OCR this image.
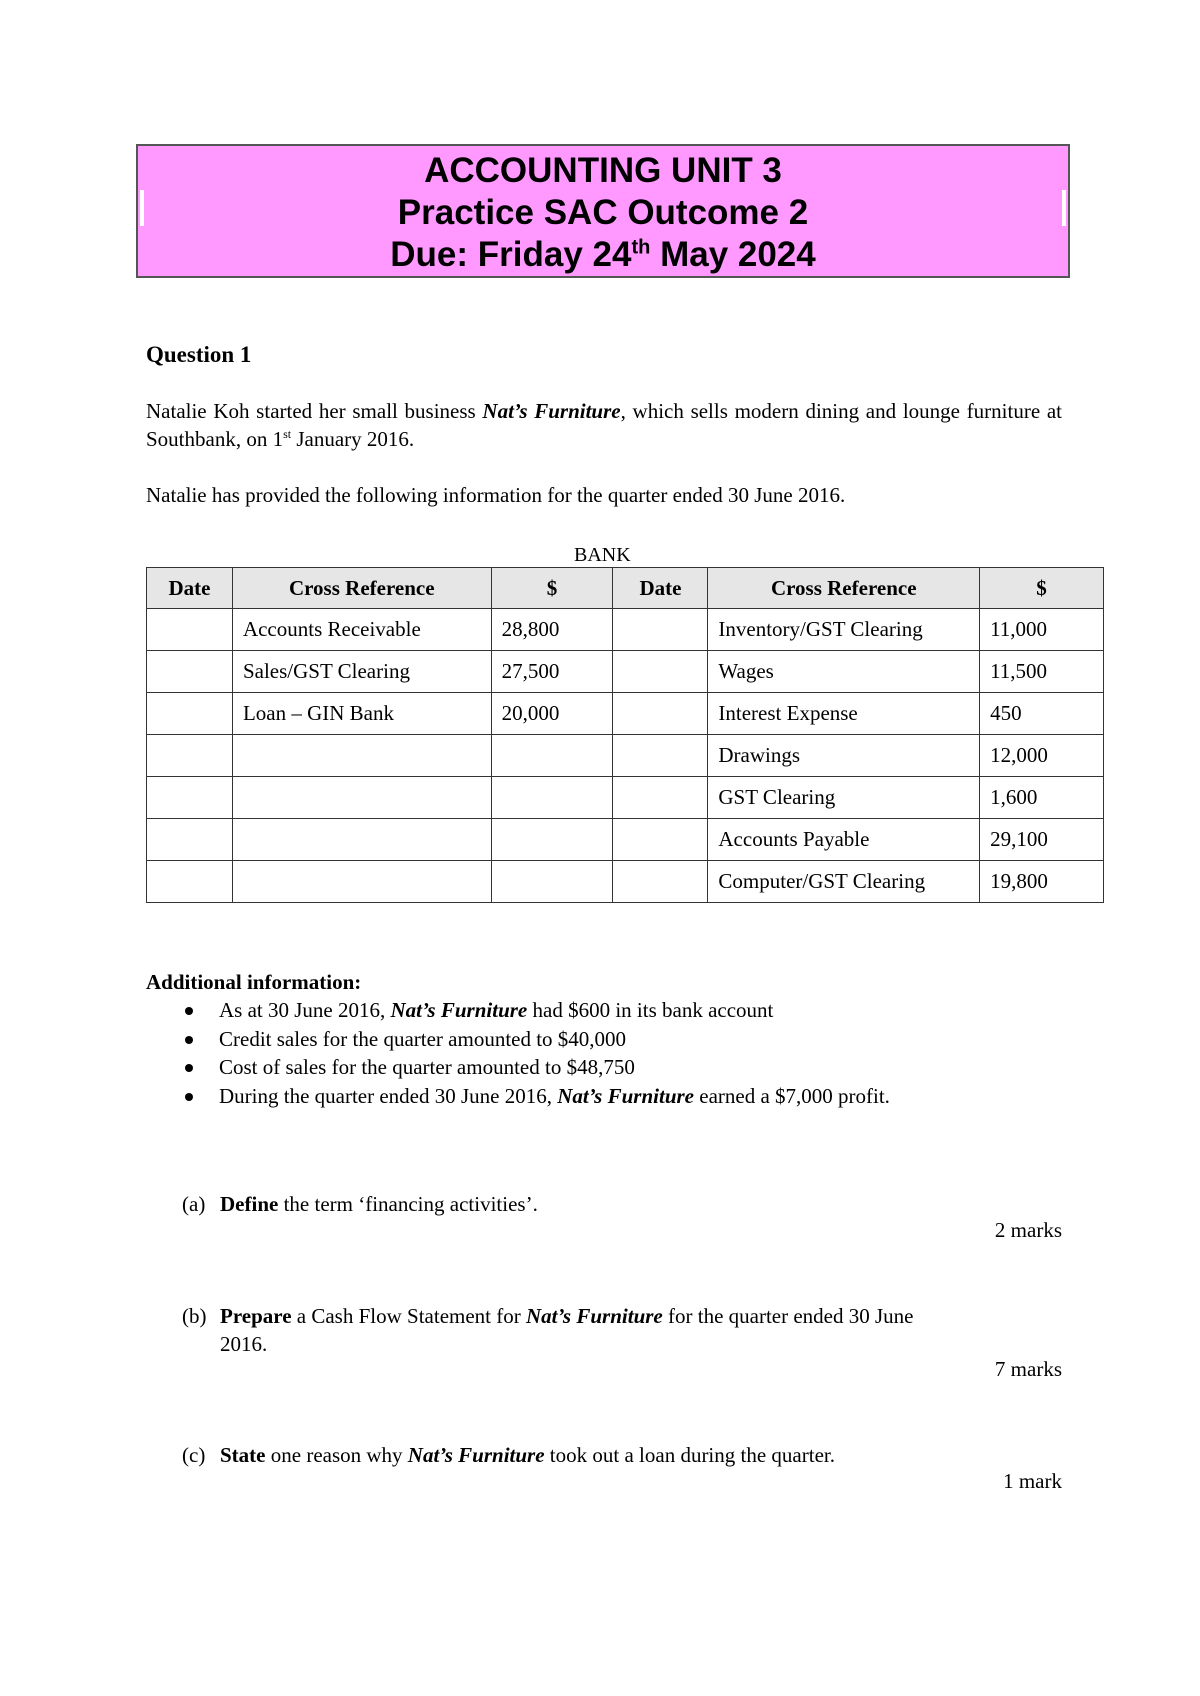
ACCOUNTING UNIT 3
Practice SAC Outcome 2
Due: Friday 24th May 2024
Question 1
Natalie Koh started her small business Nat’s Furniture, which sells modern dining and lounge furniture at Southbank, on 1st January 2016.
Natalie has provided the following information for the quarter ended 30 June 2016.
BANK
Date	Cross Reference	$	Date	Cross Reference	$
	Accounts Receivable	28,800		Inventory/GST Clearing	11,000
	Sales/GST Clearing	27,500		Wages	11,500
	Loan – GIN Bank	20,000		Interest Expense	450
				Drawings	12,000
				GST Clearing	1,600
				Accounts Payable	29,100
				Computer/GST Clearing	19,800
Additional information:
As at 30 June 2016, Nat’s Furniture had $600 in its bank account
Credit sales for the quarter amounted to $40,000
Cost of sales for the quarter amounted to $48,750
During the quarter ended 30 June 2016, Nat’s Furniture earned a $7,000 profit.
(a) Define the term ‘financing activities’.
2 marks
(b) Prepare a Cash Flow Statement for Nat’s Furniture for the quarter ended 30 June
2016.
7 marks
(c) State one reason why Nat’s Furniture took out a loan during the quarter.
1 mark
